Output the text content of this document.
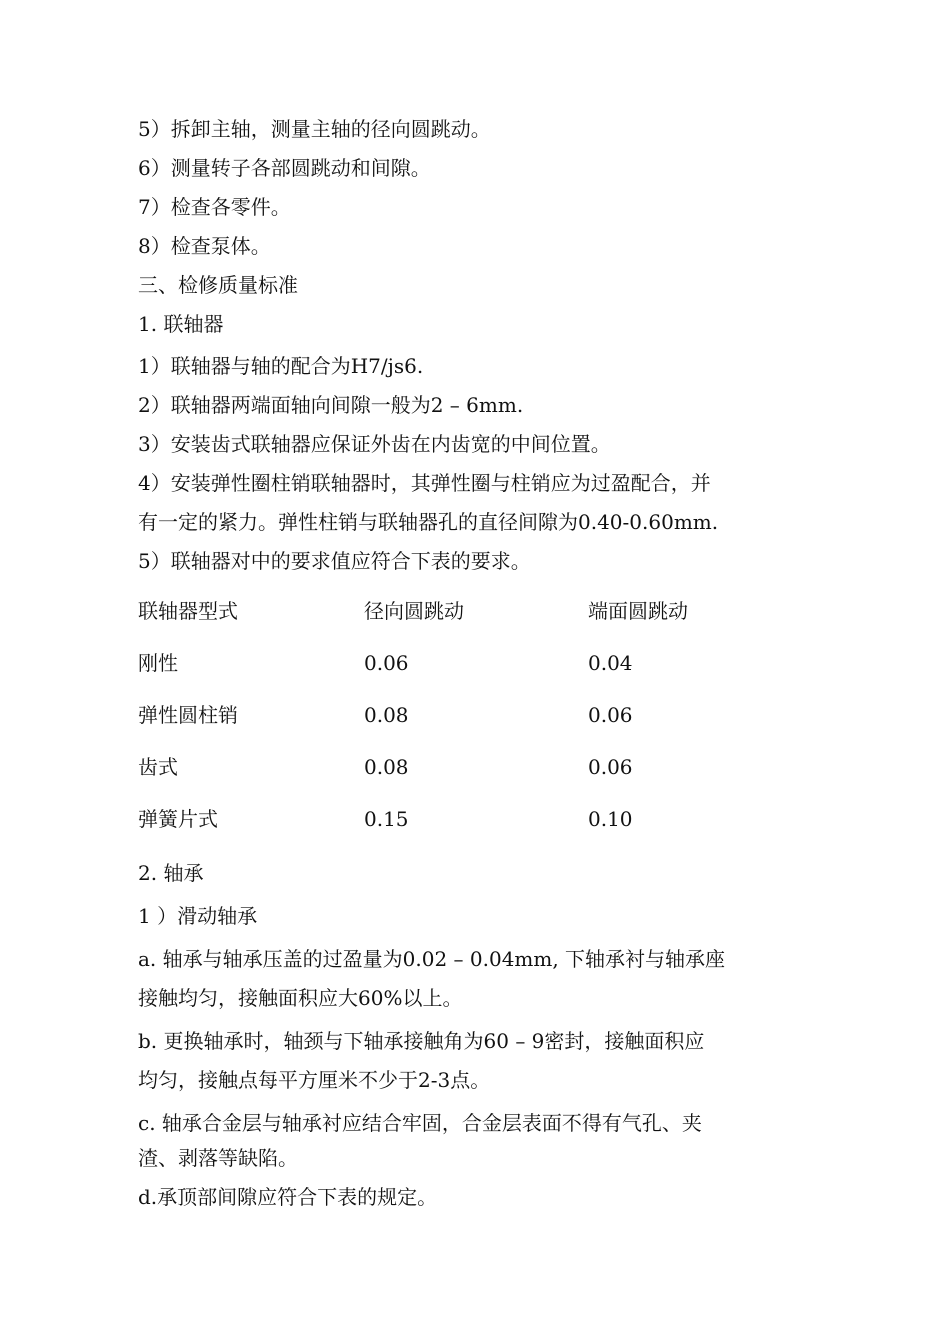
5）拆卸主轴，测量主轴的径向圆跳动。
6）测量转子各部圆跳动和间隙。
7）检查各零件。
8）检查泵体。
三、检修质量标准
1. 联轴器
1）联轴器与轴的配合为H7/js6.
2）联轴器两端面轴向间隙一般为2 – 6mm.
3）安装齿式联轴器应保证外齿在内齿宽的中间位置。
4）安装弹性圈柱销联轴器时，其弹性圈与柱销应为过盈配合，并
有一定的紧力。弹性柱销与联轴器孔的直径间隙为0.40-0.60mm.
5）联轴器对中的要求值应符合下表的要求。
联轴器型式	径向圆跳动	端面圆跳动
刚性	0.06	0.04
弹性圆柱销	0.08	0.06
齿式	0.08	0.06
弹簧片式	0.15	0.10
2. 轴承
1 ）滑动轴承
a. 轴承与轴承压盖的过盈量为0.02 – 0.04mm, 下轴承衬与轴承座
接触均匀，接触面积应大60%以上。
b. 更换轴承时，轴颈与下轴承接触角为60 – 9密封，接触面积应
均匀，接触点每平方厘米不少于2-3点。
c. 轴承合金层与轴承衬应结合牢固，合金层表面不得有气孔、夹
渣、剥落等缺陷。
d.承顶部间隙应符合下表的规定。
